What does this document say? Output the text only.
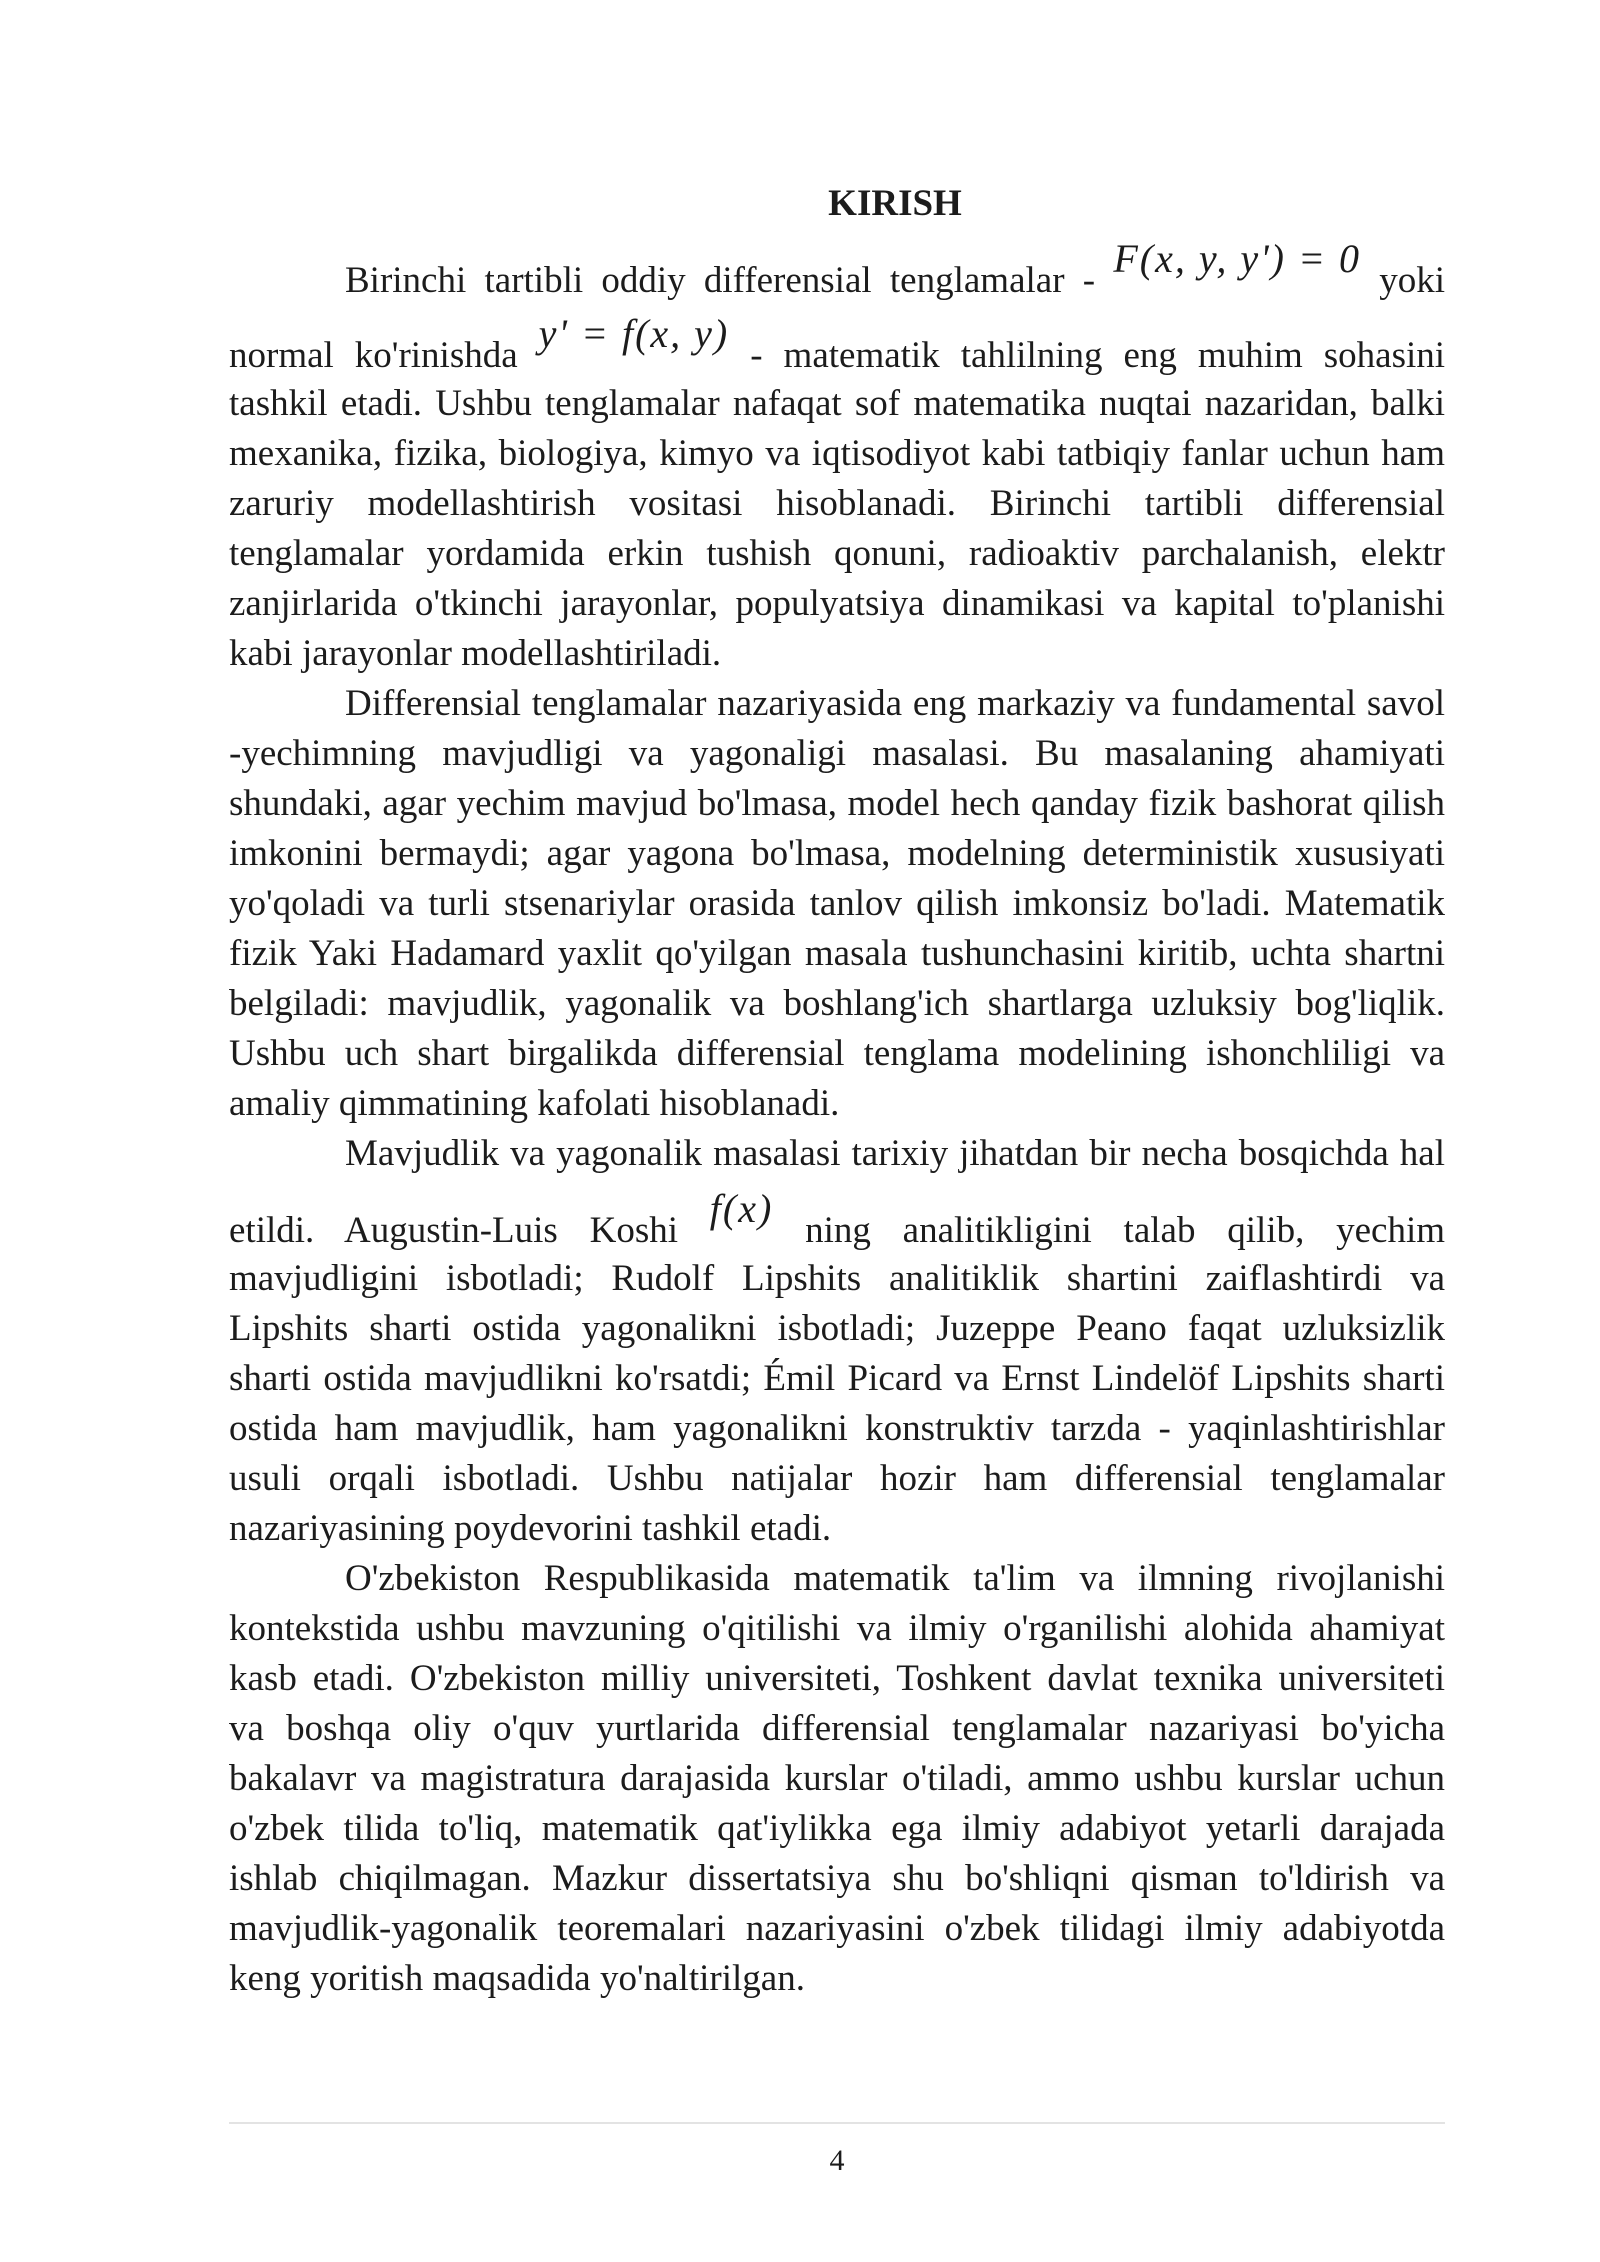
KIRISH
Birinchi tartibli oddiy differensial tenglamalar - F(x, y, y') = 0 yoki
normal ko'rinishda y' = f(x, y) - matematik tahlilning eng muhim sohasini
tashkil etadi. Ushbu tenglamalar nafaqat sof matematika nuqtai nazaridan, balki
mexanika, fizika, biologiya, kimyo va iqtisodiyot kabi tatbiqiy fanlar uchun ham
zaruriy modellashtirish vositasi hisoblanadi. Birinchi tartibli differensial
tenglamalar yordamida erkin tushish qonuni, radioaktiv parchalanish, elektr
zanjirlarida o'tkinchi jarayonlar, populyatsiya dinamikasi va kapital to'planishi
kabi jarayonlar modellashtiriladi.
Differensial tenglamalar nazariyasida eng markaziy va fundamental savol
-yechimning mavjudligi va yagonaligi masalasi. Bu masalaning ahamiyati
shundaki, agar yechim mavjud bo'lmasa, model hech qanday fizik bashorat qilish
imkonini bermaydi; agar yagona bo'lmasa, modelning deterministik xususiyati
yo'qoladi va turli stsenariylar orasida tanlov qilish imkonsiz bo'ladi. Matematik
fizik Yaki Hadamard yaxlit qo'yilgan masala tushunchasini kiritib, uchta shartni
belgiladi: mavjudlik, yagonalik va boshlang'ich shartlarga uzluksiy bog'liqlik.
Ushbu uch shart birgalikda differensial tenglama modelining ishonchliligi va
amaliy qimmatining kafolati hisoblanadi.
Mavjudlik va yagonalik masalasi tarixiy jihatdan bir necha bosqichda hal
etildi. Augustin-Luis Koshi f(x) ning analitikligini talab qilib, yechim
mavjudligini isbotladi; Rudolf Lipshits analitiklik shartini zaiflashtirdi va
Lipshits sharti ostida yagonalikni isbotladi; Juzeppe Peano faqat uzluksizlik
sharti ostida mavjudlikni ko'rsatdi; Émil Picard va Ernst Lindelöf Lipshits sharti
ostida ham mavjudlik, ham yagonalikni konstruktiv tarzda - yaqinlashtirishlar
usuli orqali isbotladi. Ushbu natijalar hozir ham differensial tenglamalar
nazariyasining poydevorini tashkil etadi.
O'zbekiston Respublikasida matematik ta'lim va ilmning rivojlanishi
kontekstida ushbu mavzuning o'qitilishi va ilmiy o'rganilishi alohida ahamiyat
kasb etadi. O'zbekiston milliy universiteti, Toshkent davlat texnika universiteti
va boshqa oliy o'quv yurtlarida differensial tenglamalar nazariyasi bo'yicha
bakalavr va magistratura darajasida kurslar o'tiladi, ammo ushbu kurslar uchun
o'zbek tilida to'liq, matematik qat'iylikka ega ilmiy adabiyot yetarli darajada
ishlab chiqilmagan. Mazkur dissertatsiya shu bo'shliqni qisman to'ldirish va
mavjudlik-yagonalik teoremalari nazariyasini o'zbek tilidagi ilmiy adabiyotda
keng yoritish maqsadida yo'naltirilgan.
4
